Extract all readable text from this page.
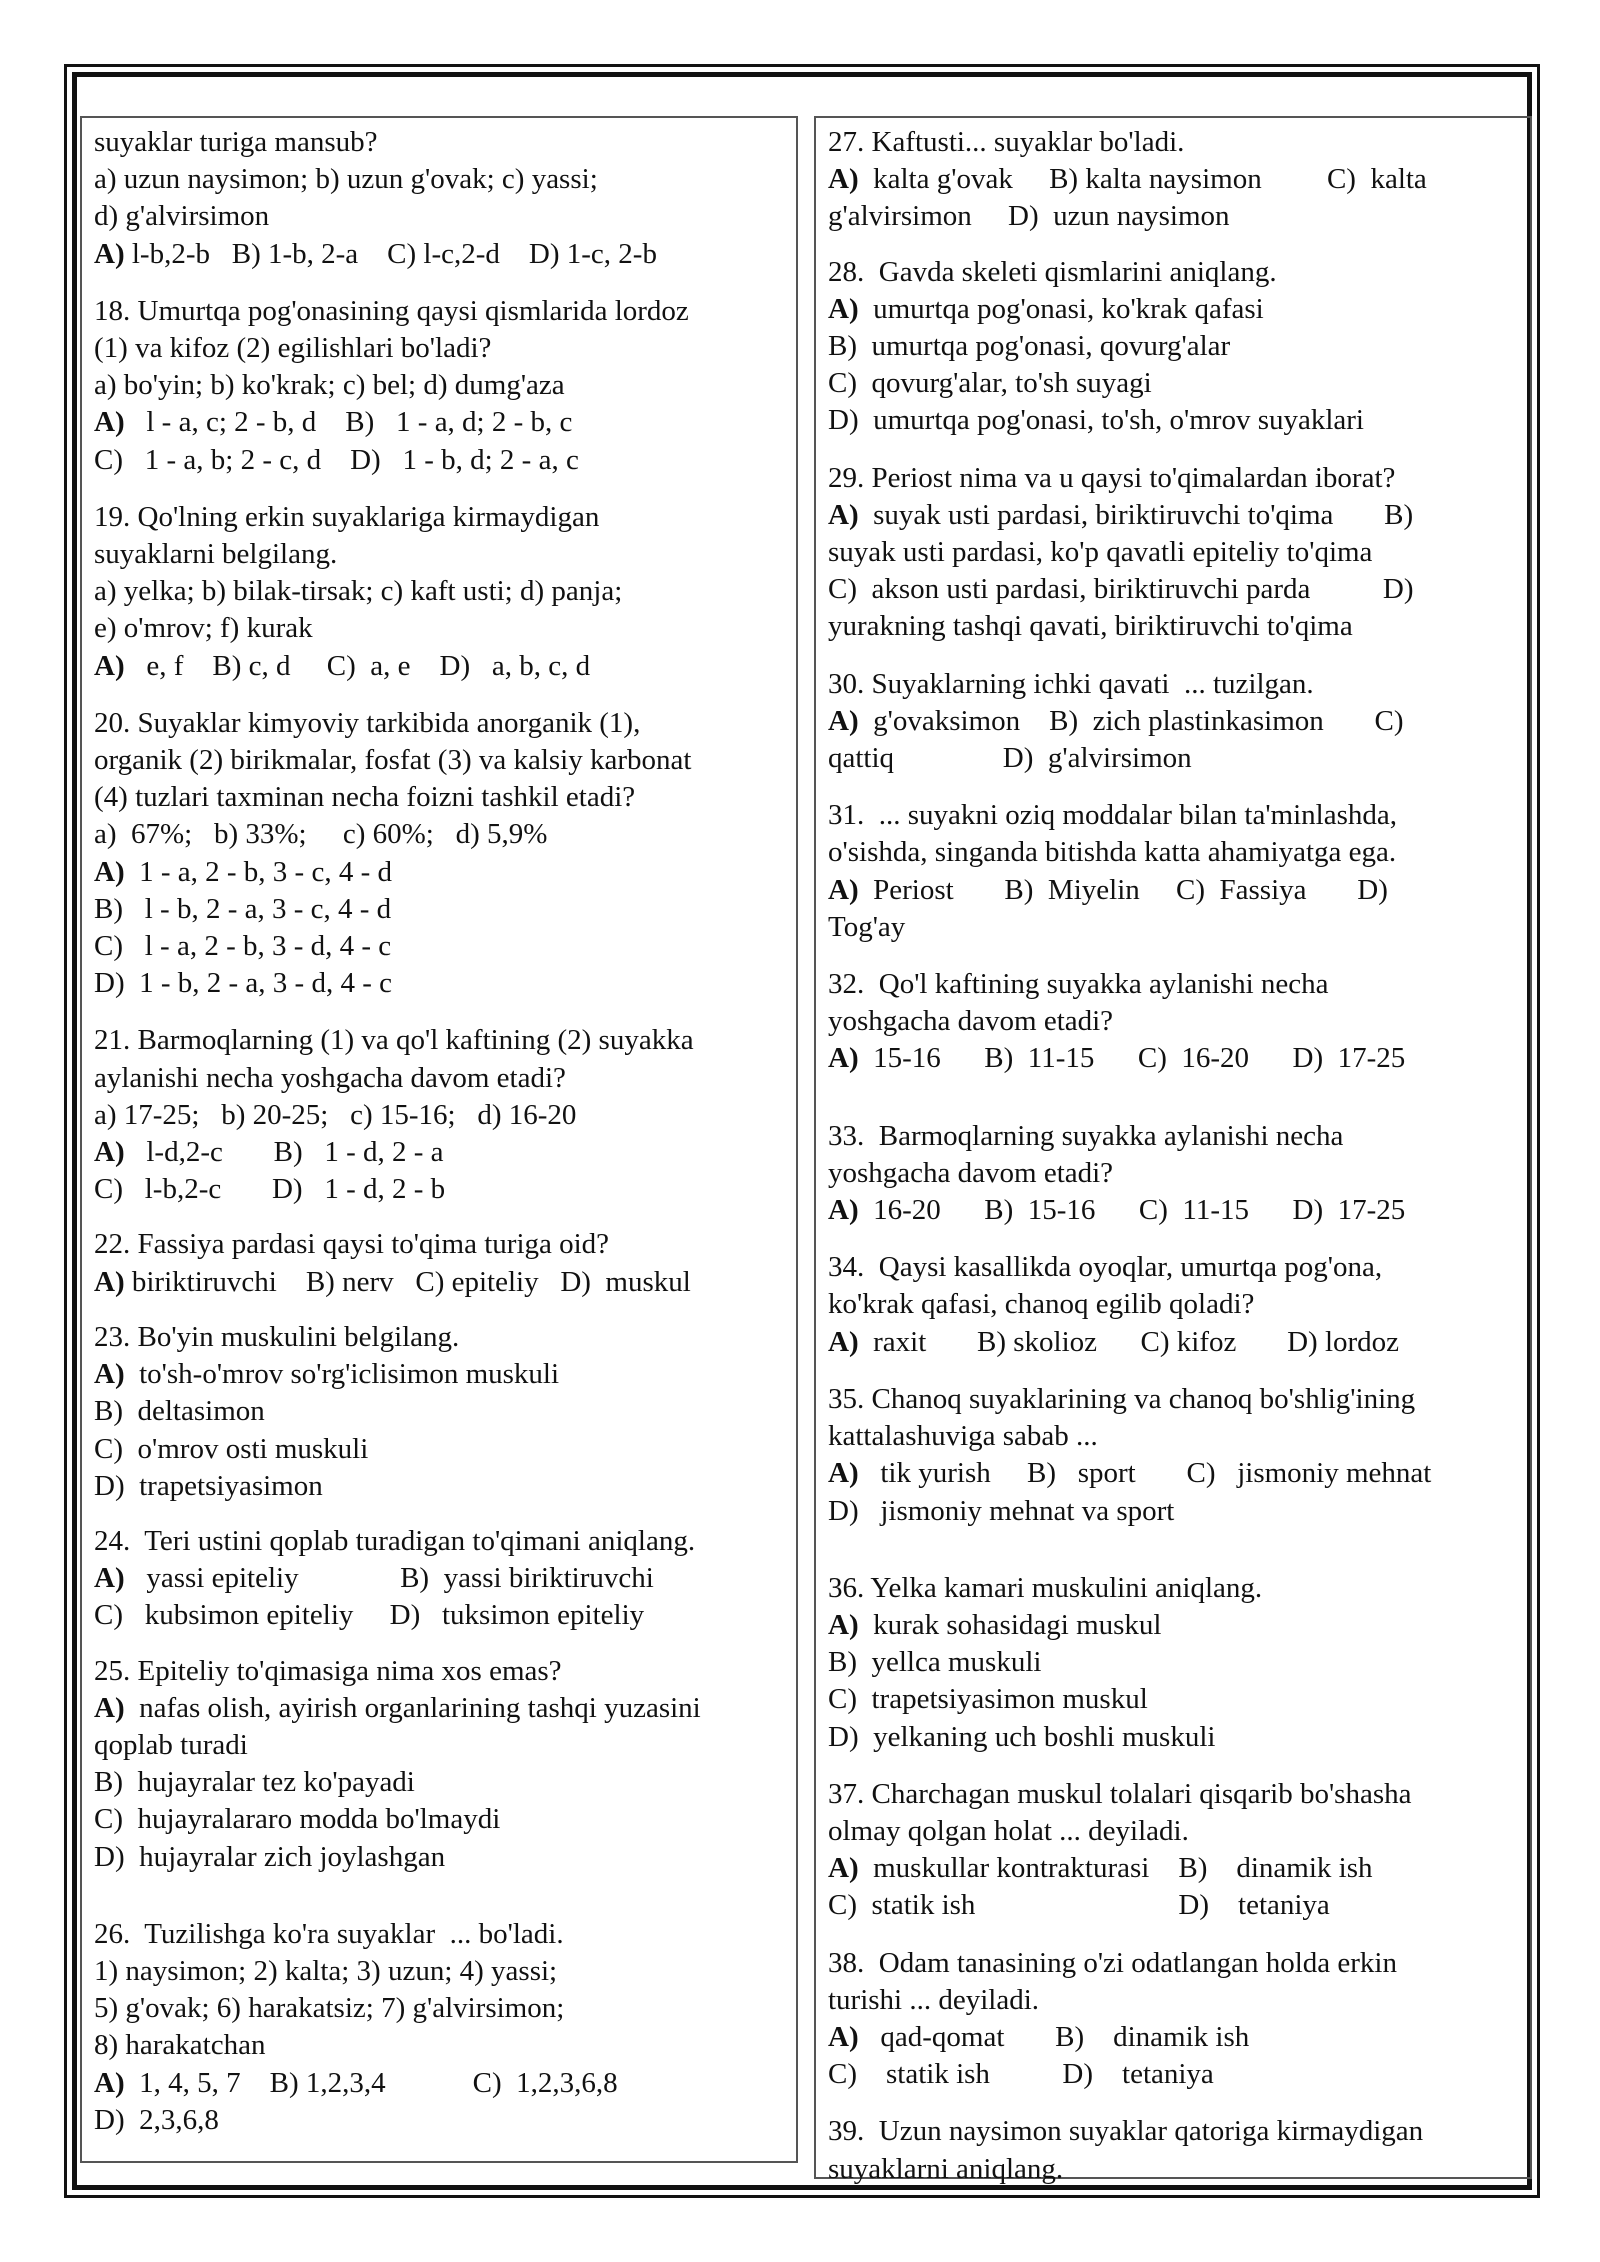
suyaklar turiga mansub?
a) uzun naysimon; b) uzun g'ovak; c) yassi;
d) g'alvirsimon
A) l-b,2-b   B) 1-b, 2-a    C) l-c,2-d    D) 1-c, 2-b
18. Umurtqa pog'onasining qaysi qismlarida lordoz
(1) va kifoz (2) egilishlari bo'ladi?
a) bo'yin; b) ko'krak; c) bel; d) dumg'aza
A)   l - a, c; 2 - b, d    B)   1 - a, d; 2 - b, c
C)   1 - a, b; 2 - c, d    D)   1 - b, d; 2 - a, c
19. Qo'lning erkin suyaklariga kirmaydigan
suyaklarni belgilang.
a) yelka; b) bilak-tirsak; c) kaft usti; d) panja;
e) o'mrov; f) kurak
A)   e, f    B) c, d     C)  a, e    D)   a, b, c, d
20. Suyaklar kimyoviy tarkibida anorganik (1),
organik (2) birikmalar, fosfat (3) va kalsiy karbonat
(4) tuzlari taxminan necha foizni tashkil etadi?
a)  67%;   b) 33%;     c) 60%;   d) 5,9%
A)  1 - a, 2 - b, 3 - c, 4 - d
B)   l - b, 2 - a, 3 - c, 4 - d
C)   l - a, 2 - b, 3 - d, 4 - c
D)  1 - b, 2 - a, 3 - d, 4 - c
21. Barmoqlarning (1) va qo'l kaftining (2) suyakka
aylanishi necha yoshgacha davom etadi?
a) 17-25;   b) 20-25;   c) 15-16;   d) 16-20
A)   l-d,2-c       B)   1 - d, 2 - a
C)   l-b,2-c       D)   1 - d, 2 - b
22. Fassiya pardasi qaysi to'qima turiga oid?
A) biriktiruvchi    B) nerv   C) epiteliy   D)  muskul
23. Bo'yin muskulini belgilang.
A)  to'sh-o'mrov so'rg'iclisimon muskuli
B)  deltasimon
C)  o'mrov osti muskuli
D)  trapetsiyasimon
24.  Teri ustini qoplab turadigan to'qimani aniqlang.
A)   yassi epiteliy              B)  yassi biriktiruvchi
C)   kubsimon epiteliy     D)   tuksimon epiteliy
25. Epiteliy to'qimasiga nima xos emas?
A)  nafas olish, ayirish organlarining tashqi yuzasini
qoplab turadi
B)  hujayralar tez ko'payadi
C)  hujayralararo modda bo'lmaydi
D)  hujayralar zich joylashgan
26.  Tuzilishga ko'ra suyaklar  ... bo'ladi.
1) naysimon; 2) kalta; 3) uzun; 4) yassi;
5) g'ovak; 6) harakatsiz; 7) g'alvirsimon;
8) harakatchan
A)  1, 4, 5, 7    B) 1,2,3,4            C)  1,2,3,6,8
D)  2,3,6,8
27. Kaftusti... suyaklar bo'ladi.
A)  kalta g'ovak     B) kalta naysimon         C)  kalta
g'alvirsimon     D)  uzun naysimon
28.  Gavda skeleti qismlarini aniqlang.
A)  umurtqa pog'onasi, ko'krak qafasi
B)  umurtqa pog'onasi, qovurg'alar
C)  qovurg'alar, to'sh suyagi
D)  umurtqa pog'onasi, to'sh, o'mrov suyaklari
29. Periost nima va u qaysi to'qimalardan iborat?
A)  suyak usti pardasi, biriktiruvchi to'qima       B)
suyak usti pardasi, ko'p qavatli epiteliy to'qima
C)  akson usti pardasi, biriktiruvchi parda          D)
yurakning tashqi qavati, biriktiruvchi to'qima
30. Suyaklarning ichki qavati  ... tuzilgan.
A)  g'ovaksimon    B)  zich plastinkasimon       C)
qattiq               D)  g'alvirsimon
31.  ... suyakni oziq moddalar bilan ta'minlashda,
o'sishda, singanda bitishda katta ahamiyatga ega.
A)  Periost       B)  Miyelin     C)  Fassiya       D)
Tog'ay
32.  Qo'l kaftining suyakka aylanishi necha
yoshgacha davom etadi?
A)  15-16      B)  11-15      C)  16-20      D)  17-25
33.  Barmoqlarning suyakka aylanishi necha
yoshgacha davom etadi?
A)  16-20      B)  15-16      C)  11-15      D)  17-25
34.  Qaysi kasallikda oyoqlar, umurtqa pog'ona,
ko'krak qafasi, chanoq egilib qoladi?
A)  raxit       B) skolioz      C) kifoz       D) lordoz
35. Chanoq suyaklarining va chanoq bo'shlig'ining
kattalashuviga sabab ...
A)   tik yurish     B)   sport       C)   jismoniy mehnat
D)   jismoniy mehnat va sport
36. Yelka kamari muskulini aniqlang.
A)  kurak sohasidagi muskul
B)  yellca muskuli
C)  trapetsiyasimon muskul
D)  yelkaning uch boshli muskuli
37. Charchagan muskul tolalari qisqarib bo'shasha
olmay qolgan holat ... deyiladi.
A)  muskullar kontrakturasi    B)    dinamik ish
C)  statik ish                            D)    tetaniya
38.  Odam tanasining o'zi odatlangan holda erkin
turishi ... deyiladi.
A)   qad-qomat       B)    dinamik ish
C)    statik ish          D)    tetaniya
39.  Uzun naysimon suyaklar qatoriga kirmaydigan
suyaklarni aniqlang.
